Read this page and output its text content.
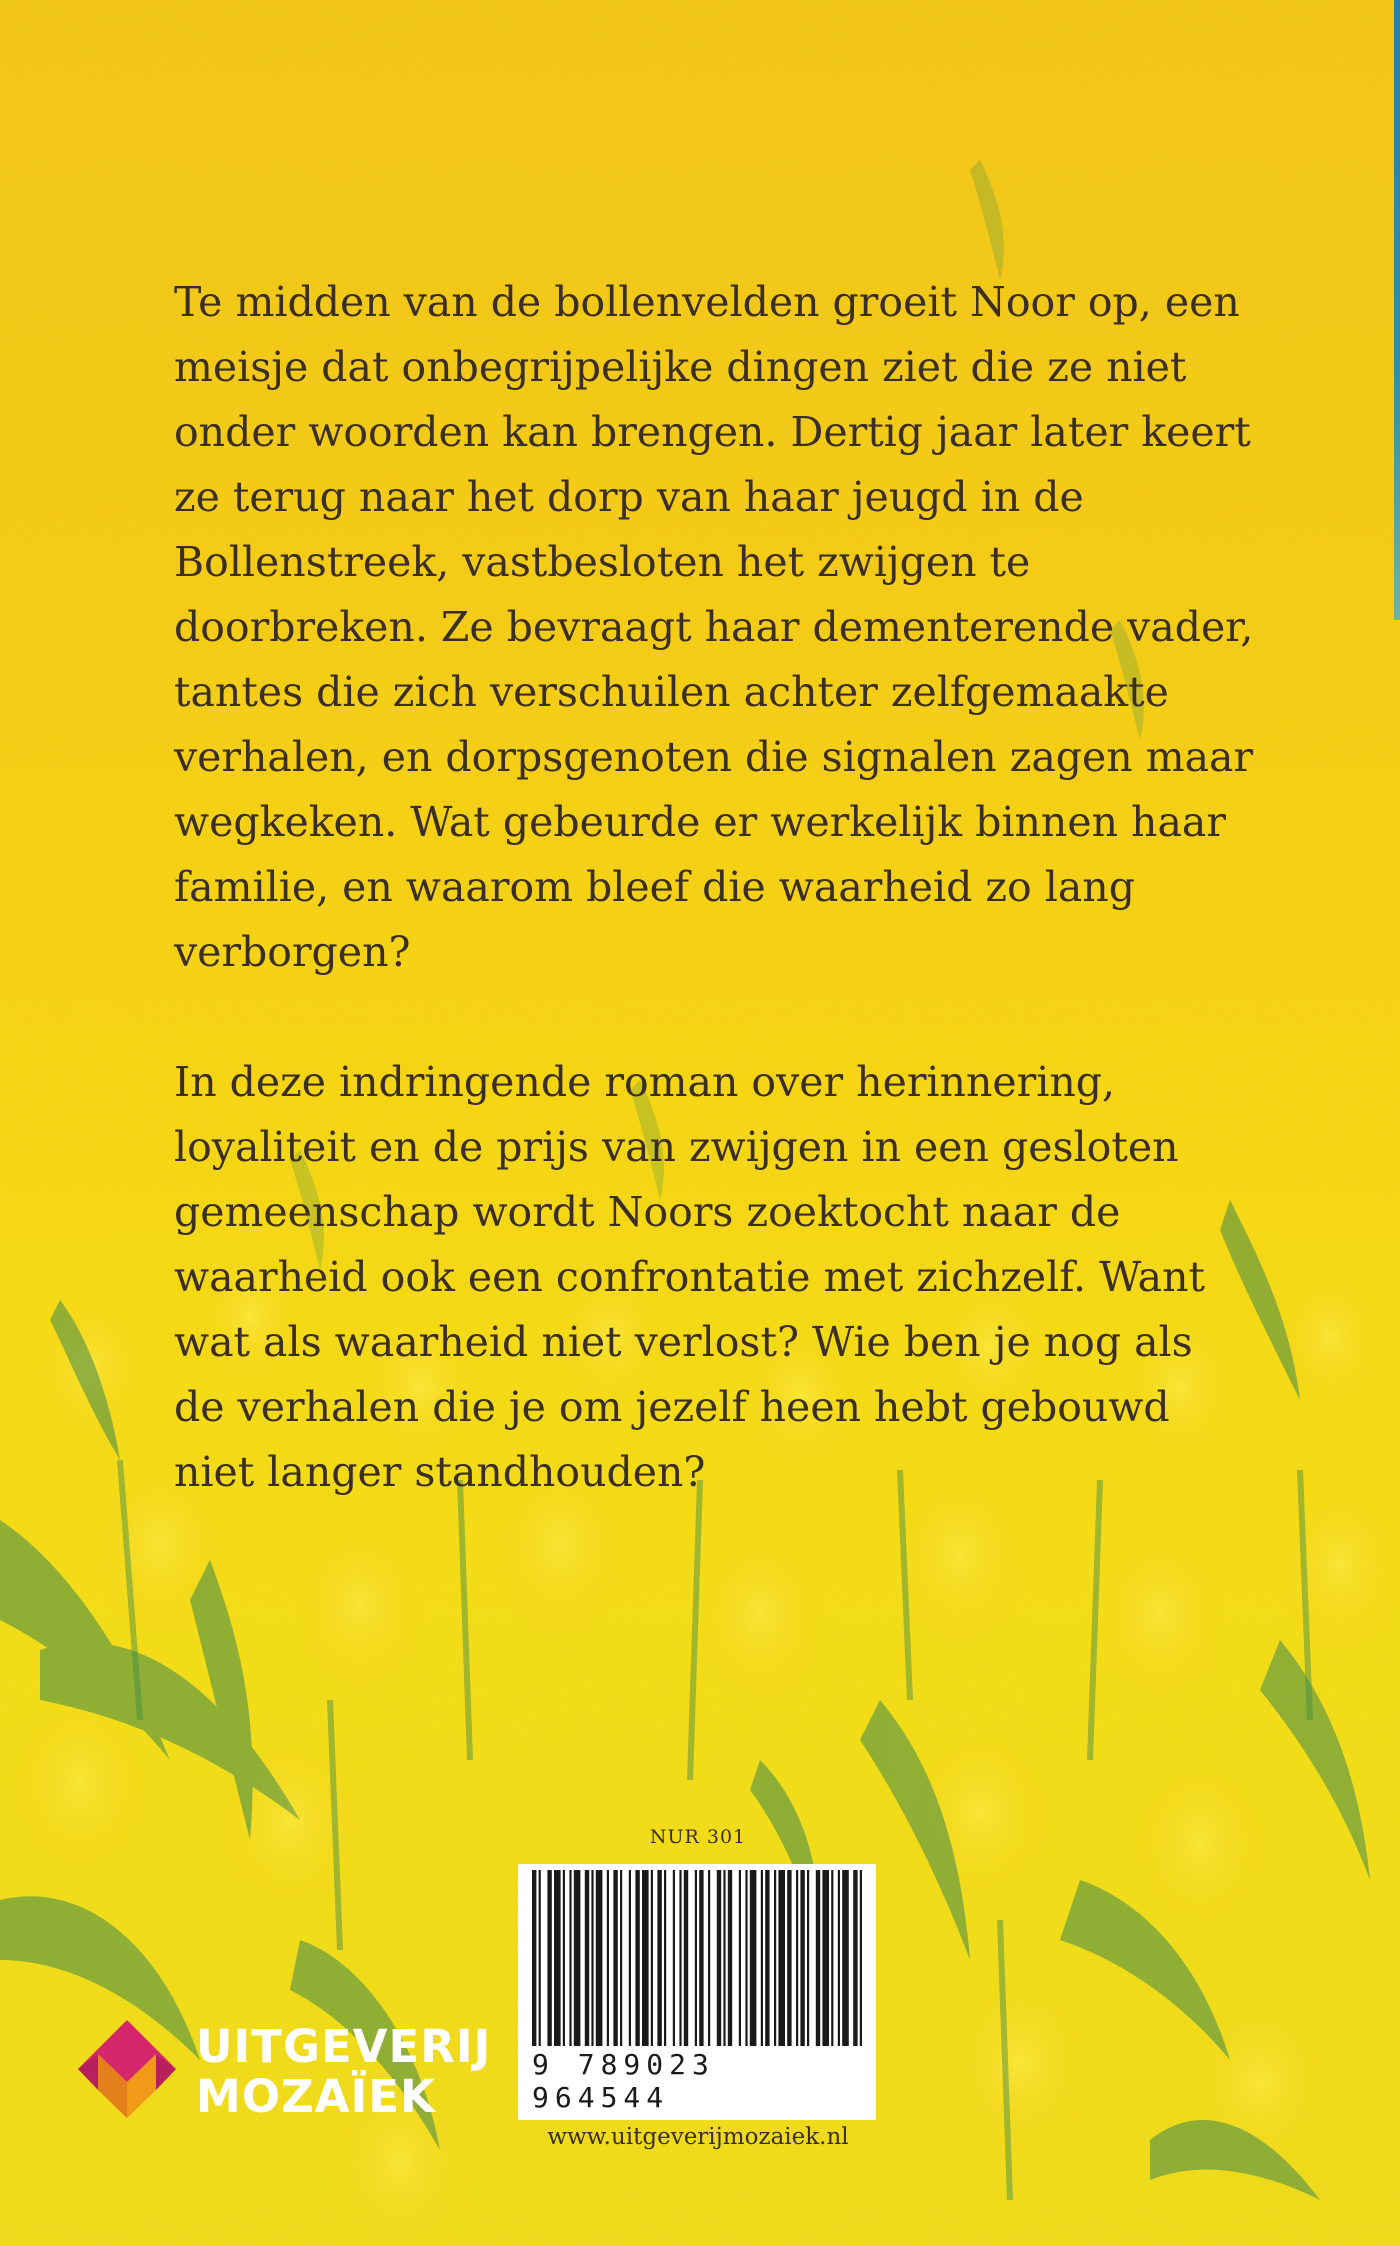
Te midden van de bollenvelden groeit Noor op, een meisje dat onbegrijpelijke dingen ziet die ze niet onder woorden kan brengen. Dertig jaar later keert ze terug naar het dorp van haar jeugd in de Bollenstreek, vastbesloten het zwijgen te doorbreken. Ze bevraagt haar dementerende vader, tantes die zich verschuilen achter zelfgemaakte verhalen, en dorpsgenoten die signalen zagen maar wegkeken. Wat gebeurde er werkelijk binnen haar familie, en waarom bleef die waarheid zo lang verborgen?

In deze indringende roman over herinnering, loyaliteit en de prijs van zwijgen in een gesloten gemeenschap wordt Noors zoektocht naar de waarheid ook een confrontatie met zichzelf. Want wat als waarheid niet verlost? Wie ben je nog als de verhalen die je om jezelf heen hebt gebouwd niet langer standhouden?

NUR 301
9 789023 964544
www.uitgeverijmozaiek.nl
UITGEVERIJ
MOZAÏEK
